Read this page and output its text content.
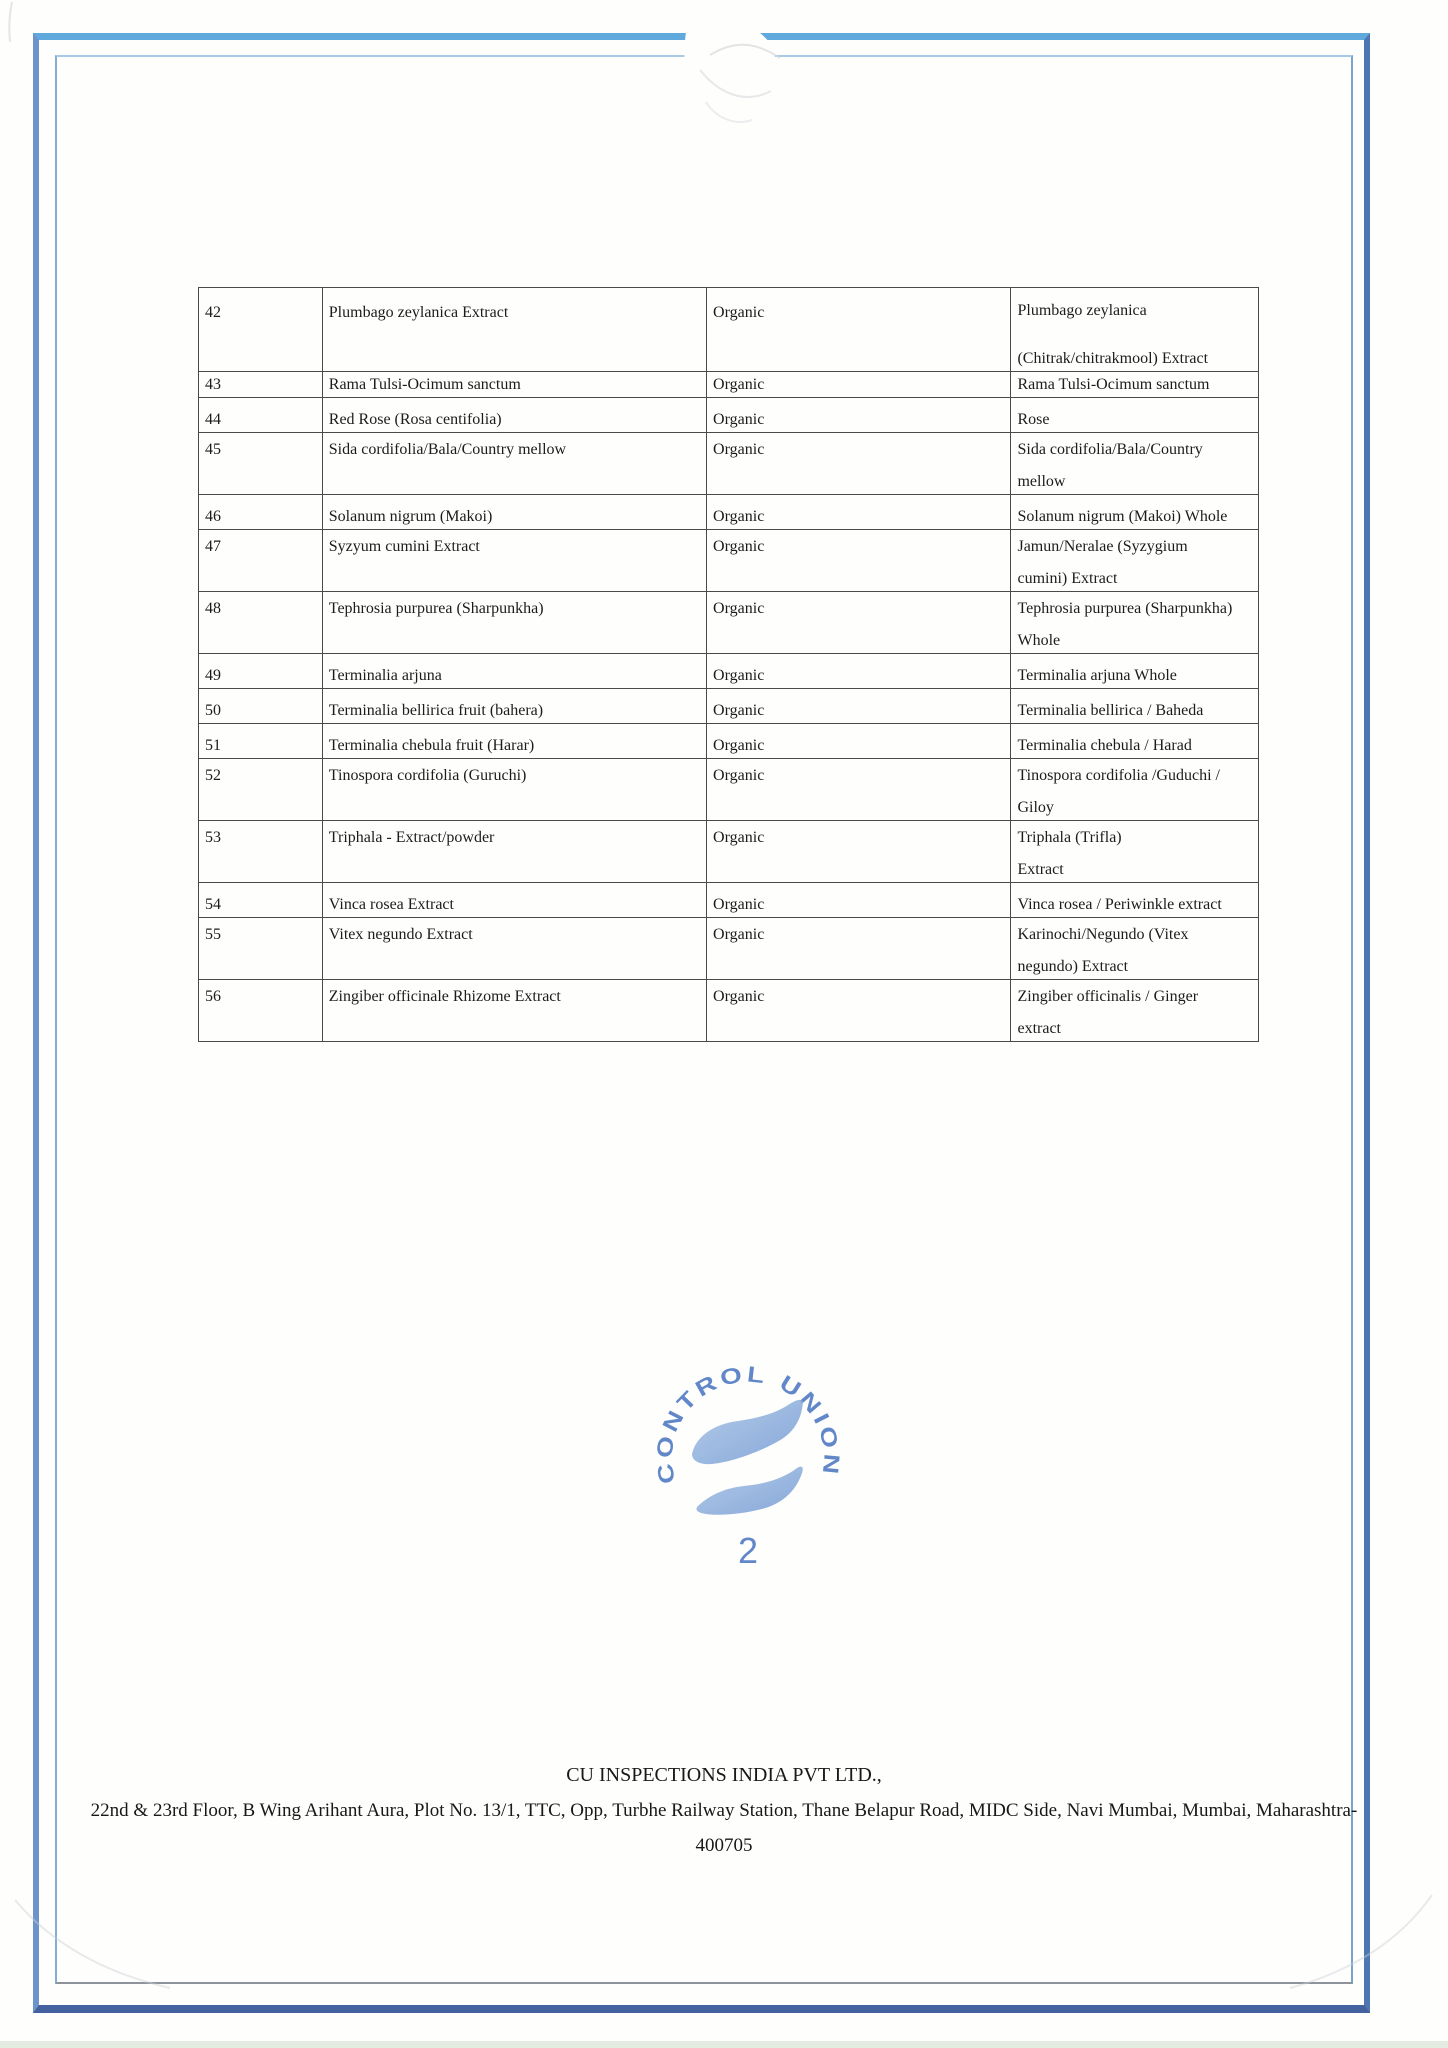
42	Plumbago zeylanica Extract	Organic	Plumbago zeylanica
(Chitrak/chitrakmool) Extract
43	Rama Tulsi-Ocimum sanctum	Organic	Rama Tulsi-Ocimum sanctum
44	Red Rose (Rosa centifolia)	Organic	Rose
45	Sida cordifolia/Bala/Country mellow	Organic	Sida cordifolia/Bala/Country
mellow
46	Solanum nigrum (Makoi)	Organic	Solanum nigrum (Makoi) Whole
47	Syzyum cumini Extract	Organic	Jamun/Neralae (Syzygium
cumini) Extract
48	Tephrosia purpurea (Sharpunkha)	Organic	Tephrosia purpurea (Sharpunkha)
Whole
49	Terminalia arjuna	Organic	Terminalia arjuna Whole
50	Terminalia bellirica fruit (bahera)	Organic	Terminalia bellirica / Baheda
51	Terminalia chebula fruit (Harar)	Organic	Terminalia chebula / Harad
52	Tinospora cordifolia (Guruchi)	Organic	Tinospora cordifolia /Guduchi /
Giloy
53	Triphala - Extract/powder	Organic	Triphala (Trifla)
Extract
54	Vinca rosea Extract	Organic	Vinca rosea / Periwinkle extract
55	Vitex negundo Extract	Organic	Karinochi/Negundo (Vitex
negundo) Extract
56	Zingiber officinale Rhizome Extract	Organic	Zingiber officinalis / Ginger
extract
CONTROL UNION
2
CU INSPECTIONS INDIA PVT LTD.,
22nd & 23rd Floor, B Wing Arihant Aura, Plot No. 13/1, TTC, Opp, Turbhe Railway Station, Thane Belapur Road, MIDC Side, Navi Mumbai, Mumbai, Maharashtra-
400705
